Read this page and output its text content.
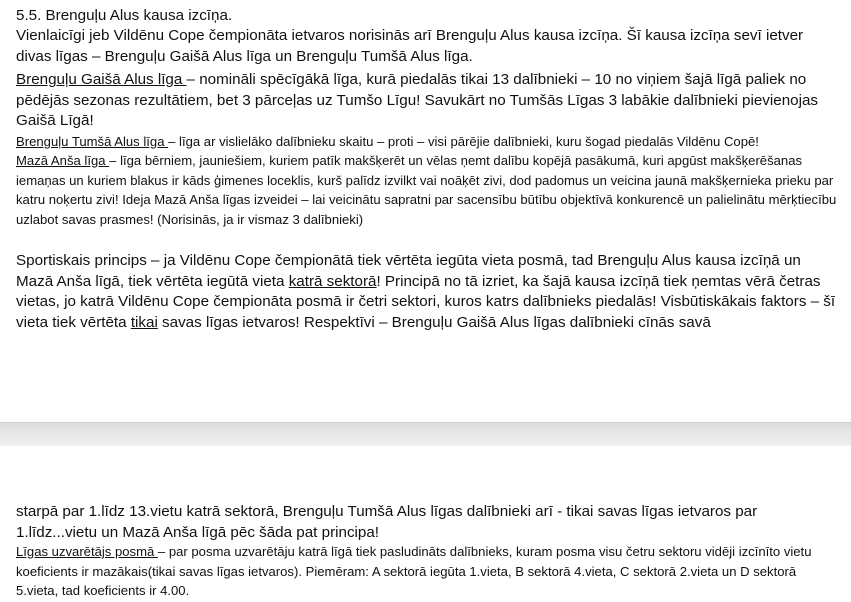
5.5. Brenguļu Alus kausa izcīņa.

Vienlaicīgi jeb Vildēnu Cope čempionāta ietvaros norisinās arī Brenguļu Alus kausa izcīņa. Šī kausa izcīņa sevī ietver divas līgas – Brenguļu Gaišā Alus līga un Brenguļu Tumšā Alus līga.

Brenguļu Gaišā Alus līga – nomināli spēcīgākā līga, kurā piedalās tikai 13 dalībnieki – 10 no viņiem šajā līgā paliek no pēdējās sezonas rezultātiem, bet 3 pārceļas uz Tumšo Līgu! Savukārt no Tumšās Līgas 3 labākie dalībnieki pievienojas Gaišā Līgā!

Brenguļu Tumšā Alus līga – līga ar vislielāko dalībnieku skaitu – proti – visi pārējie dalībnieki, kuru šogad piedalās Vildēnu Copē!

Mazā Anša līga – līga bērniem, jauniešiem, kuriem patīk makšķerēt un vēlas ņemt dalību kopējā pasākumā, kuri apgūst makšķerēšanas iemaņas un kuriem blakus ir kāds ģimenes loceklis, kurš palīdz izvilkt vai noāķēt zivi, dod padomus un veicina jaunā makšķernieka prieku par katru noķertu zivi! Ideja Mazā Anša līgas izveidei – lai veicinātu sapratni par sacensību būtību objektīvā konkurencē un palielinātu mērķtiecību uzlabot savas prasmes! (Norisinās, ja ir vismaz 3 dalībnieki)

Sportiskais princips – ja Vildēnu Cope čempionātā tiek vērtēta iegūta vieta posmā, tad Brenguļu Alus kausa izcīņā un Mazā Anša līgā, tiek vērtēta iegūtā vieta katrā sektorā! Principā no tā izriet, ka šajā kausa izcīņā tiek ņemtas vērā četras vietas, jo katrā Vildēnu Cope čempionāta posmā ir četri sektori, kuros katrs dalībnieks piedalās! Visbūtiskākais faktors – šī vieta tiek vērtēta tikai savas līgas ietvaros! Respektīvi – Brenguļu Gaišā Alus līgas dalībnieki cīnās savā

starpā par 1.līdz 13.vietu katrā sektorā, Brenguļu Tumšā Alus līgas dalībnieki arī - tikai savas līgas ietvaros par 1.līdz...vietu un Mazā Anša līgā pēc šāda pat principa!

Līgas uzvarētājs posmā – par posma uzvarētāju katrā līgā tiek pasludināts dalībnieks, kuram posma visu četru sektoru vidēji izcīnīto vietu koeficients ir mazākais(tikai savas līgas ietvaros). Piemēram: A sektorā iegūta 1.vieta, B sektorā 4.vieta, C sektorā 2.vieta un D sektorā 5.vieta, tad koeficients ir 4.00.
